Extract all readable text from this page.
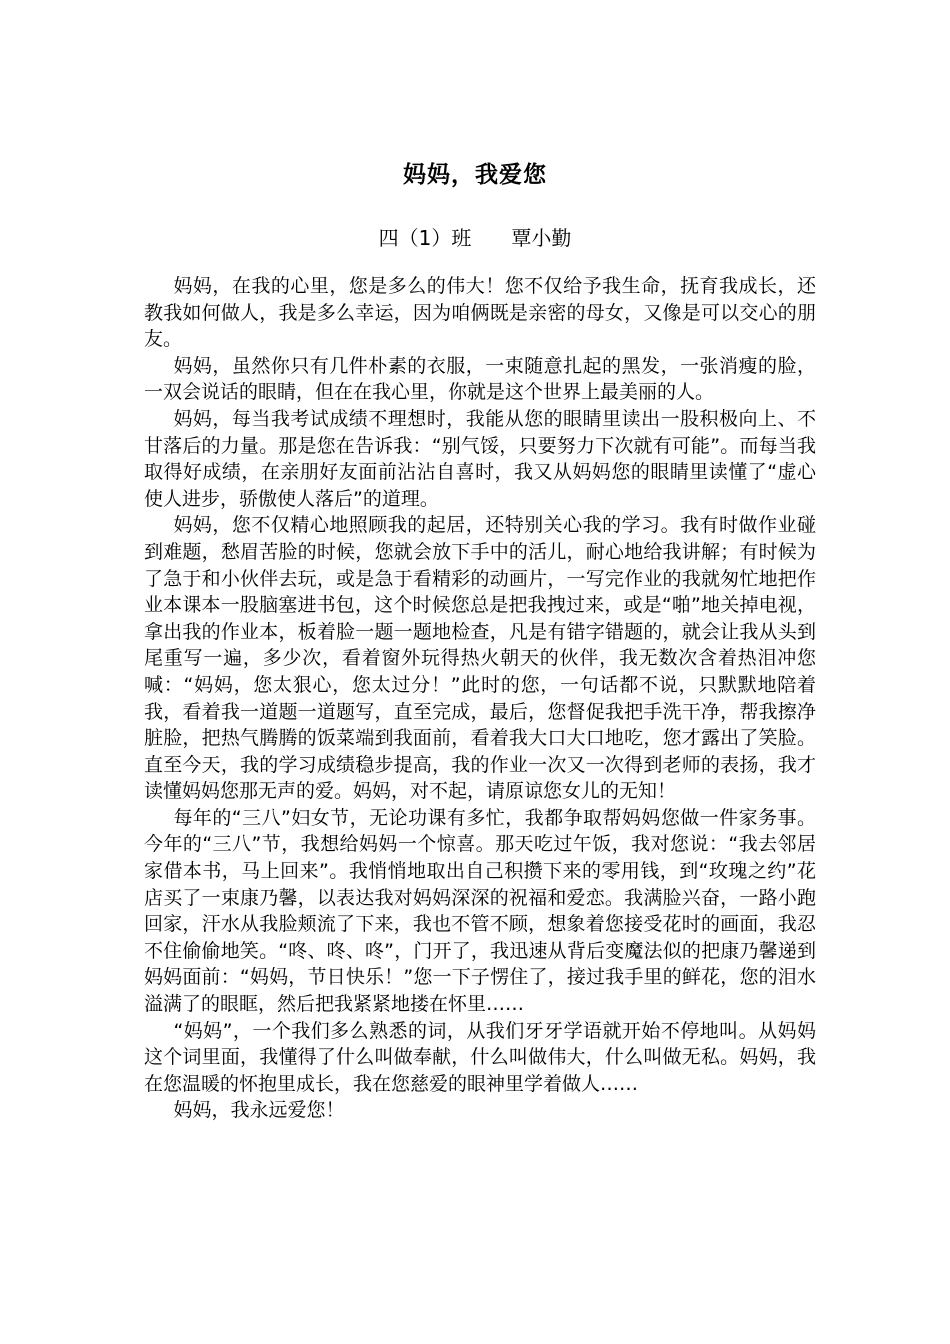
妈妈，我爱您
四（1）班 覃小勤

妈妈，在我的心里，您是多么的伟大！您不仅给予我生命，抚育我成长，还教我如何做人，我是多么幸运，因为咱俩既是亲密的母女，又像是可以交心的朋友。

妈妈，虽然你只有几件朴素的衣服，一束随意扎起的黑发，一张消瘦的脸，一双会说话的眼睛，但在在我心里，你就是这个世界上最美丽的人。

妈妈，每当我考试成绩不理想时，我能从您的眼睛里读出一股积极向上、不甘落后的力量。那是您在告诉我：“别气馁，只要努力下次就有可能”。而每当我取得好成绩，在亲朋好友面前沾沾自喜时，我又从妈妈您的眼睛里读懂了“虚心使人进步，骄傲使人落后”的道理。

妈妈，您不仅精心地照顾我的起居，还特别关心我的学习。我有时做作业碰到难题，愁眉苦脸的时候，您就会放下手中的活儿，耐心地给我讲解；有时候为了急于和小伙伴去玩，或是急于看精彩的动画片，一写完作业的我就匆忙地把作业本课本一股脑塞进书包，这个时候您总是把我拽过来，或是“啪”地关掉电视，拿出我的作业本，板着脸一题一题地检查，凡是有错字错题的，就会让我从头到尾重写一遍，多少次，看着窗外玩得热火朝天的伙伴，我无数次含着热泪冲您喊：“妈妈，您太狠心，您太过分！”此时的您，一句话都不说，只默默地陪着我，看着我一道题一道题写，直至完成，最后，您督促我把手洗干净，帮我擦净脏脸，把热气腾腾的饭菜端到我面前，看着我大口大口地吃，您才露出了笑脸。直至今天，我的学习成绩稳步提高，我的作业一次又一次得到老师的表扬，我才读懂妈妈您那无声的爱。妈妈，对不起，请原谅您女儿的无知！

每年的“三八”妇女节，无论功课有多忙，我都争取帮妈妈您做一件家务事。今年的“三八”节，我想给妈妈一个惊喜。那天吃过午饭，我对您说：“我去邻居家借本书，马上回来”。我悄悄地取出自己积攒下来的零用钱，到“玫瑰之约”花店买了一束康乃馨，以表达我对妈妈深深的祝福和爱恋。我满脸兴奋，一路小跑回家，汗水从我脸颊流了下来，我也不管不顾，想象着您接受花时的画面，我忍不住偷偷地笑。“咚、咚、咚”，门开了，我迅速从背后变魔法似的把康乃馨递到妈妈面前：“妈妈，节日快乐！”您一下子愣住了，接过我手里的鲜花，您的泪水溢满了的眼眶，然后把我紧紧地搂在怀里……

“妈妈”，一个我们多么熟悉的词，从我们牙牙学语就开始不停地叫。从妈妈这个词里面，我懂得了什么叫做奉献，什么叫做伟大，什么叫做无私。妈妈，我在您温暖的怀抱里成长，我在您慈爱的眼神里学着做人……

妈妈，我永远爱您！
